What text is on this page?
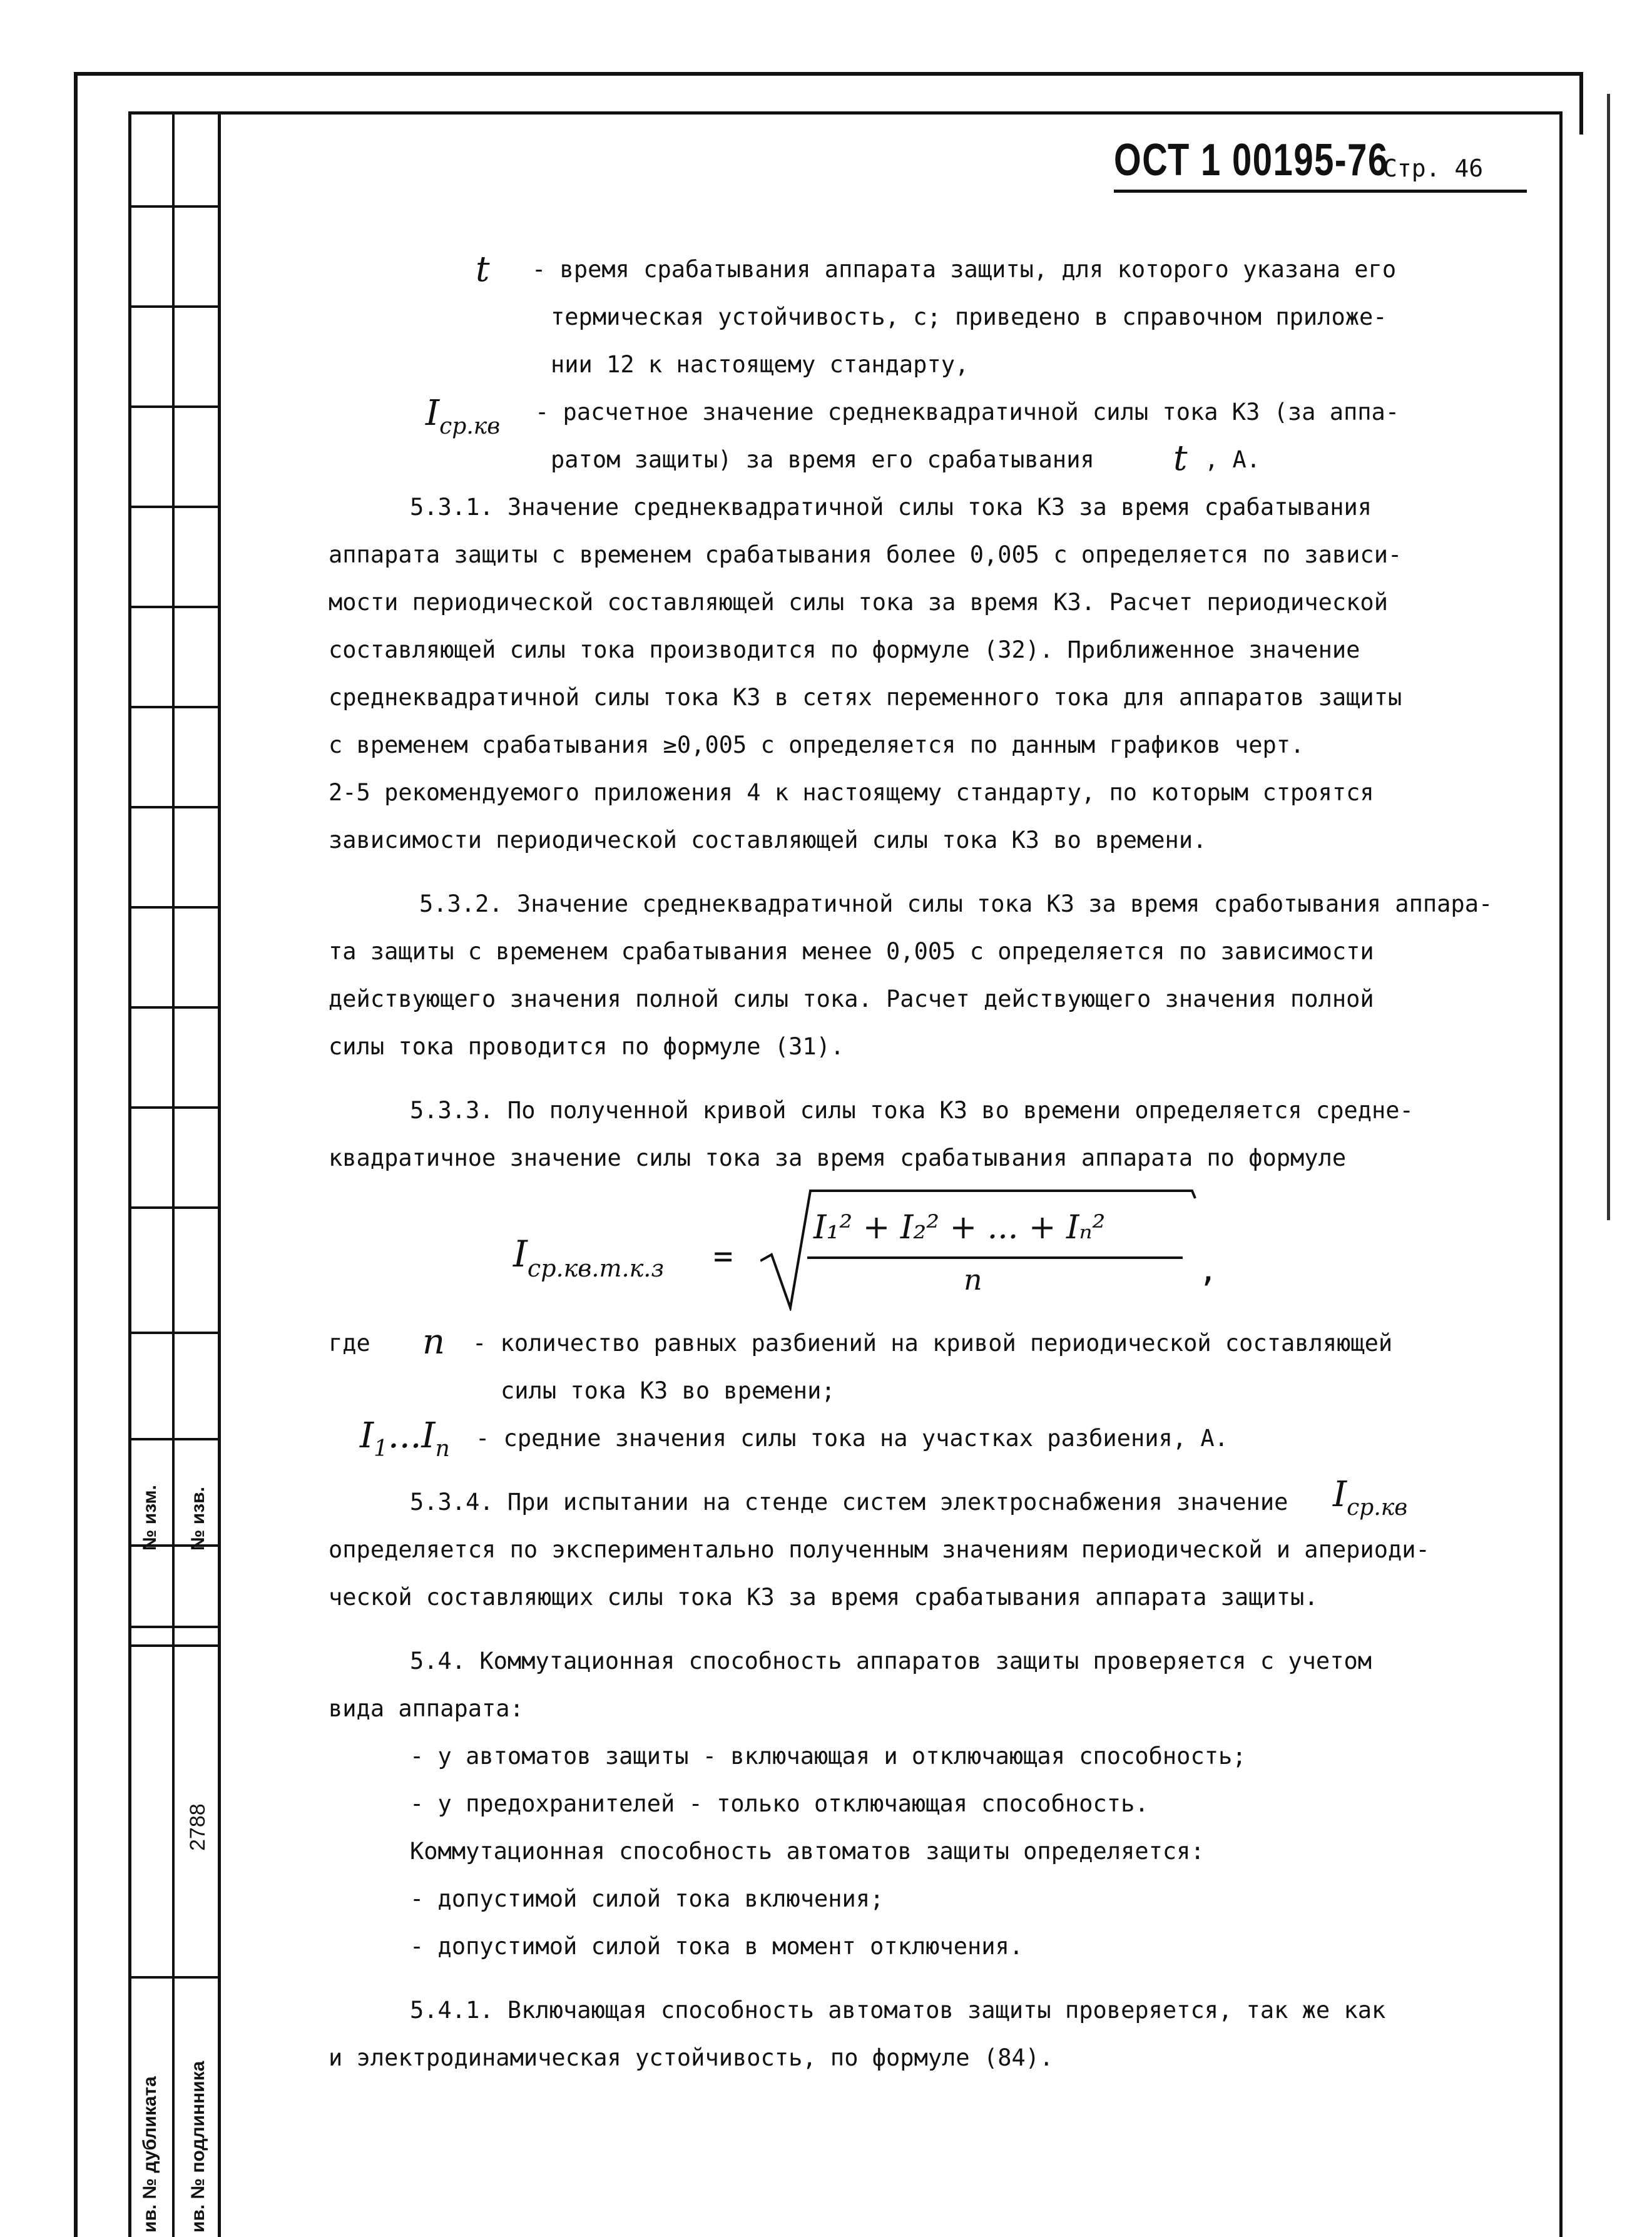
№ изм. № изв.
2788
ив. № дубликата ив. № подлинника
ОСТ 1 00195-76
Стр. 46
t - время срабатывания аппарата защиты, для которого указана его
термическая устойчивость, с; приведено в справочном приложе-
нии 12 к настоящему стандарту,
$I_{ср.кв}$
- расчетное значение среднеквадратичной силы тока КЗ (за аппа-
ратом защиты) за время его срабатывания t , А.
5.3.1. Значение среднеквадратичной силы тока КЗ за время срабатывания
аппарата защиты с временем срабатывания более 0,005 с определяется по зависи-
мости периодической составляющей силы тока за время КЗ. Расчет периодической
составляющей силы тока производится по формуле (32). Приближенное значение
среднеквадратичной силы тока КЗ в сетях переменного тока для аппаратов защиты
с временем срабатывания ≥0,005 с определяется по данным графиков черт.
2-5 рекомендуемого приложения 4 к настоящему стандарту, по которым строятся
зависимости периодической составляющей силы тока КЗ во времени.
5.3.2. Значение среднеквадратичной силы тока КЗ за время сработывания аппара-
та защиты с временем срабатывания менее 0,005 с определяется по зависимости
действующего значения полной силы тока. Расчет действующего значения полной
силы тока проводится по формуле (31).
5.3.3. По полученной кривой силы тока КЗ во времени определяется средне-
квадратичное значение силы тока за время срабатывания аппарата по формуле
$I_{ср.кв.т.к.з}$ =
I₁² + I₂² + ... + Iₙ²
п	,
где п - количество равных разбиений на кривой периодической составляющей
силы тока КЗ во времени;
$I_1...I_п$ - средние значения силы тока на участках разбиения, А.
5.3.4. При испытании на стенде систем электроснабжения значение $I_{ср.кв}$
определяется по экспериментально полученным значениям периодической и апериоди-
ческой составляющих силы тока КЗ за время срабатывания аппарата защиты.
5.4. Коммутационная способность аппаратов защиты проверяется с учетом
вида аппарата:
- у автоматов защиты - включающая и отключающая способность;
- у предохранителей - только отключающая способность.
Коммутационная способность автоматов защиты определяется:
- допустимой силой тока включения;
- допустимой силой тока в момент отключения.
5.4.1. Включающая способность автоматов защиты проверяется, так же как
и электродинамическая устойчивость, по формуле (84).
